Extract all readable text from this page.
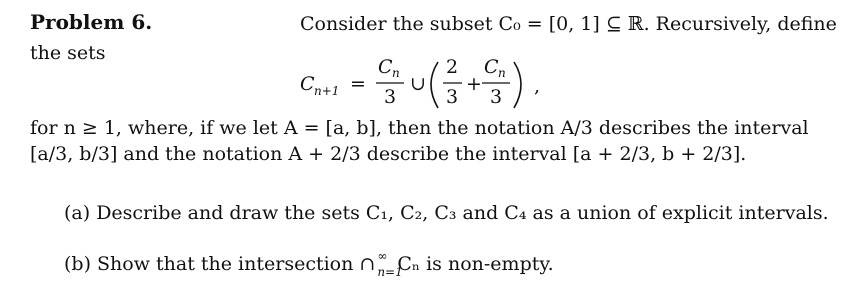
Problem 6.	Consider the subset C₀ = [0, 1] ⊆ ℝ. Recursively, define
the sets
C n+1 =
C n
3
∪
2
3
+
C n
3 ,
for n ≥ 1, where, if we let A = [a, b], then the notation A/3 describes the interval
[a/3, b/3] and the notation A + 2/3 describe the interval [a + 2/3, b + 2/3].
(a) Describe and draw the sets C₁, C₂, C₃ and C₄ as a union of explicit intervals.
(b) Show that the intersection ∩ ∞
n=1
Cₙ is non-empty.
